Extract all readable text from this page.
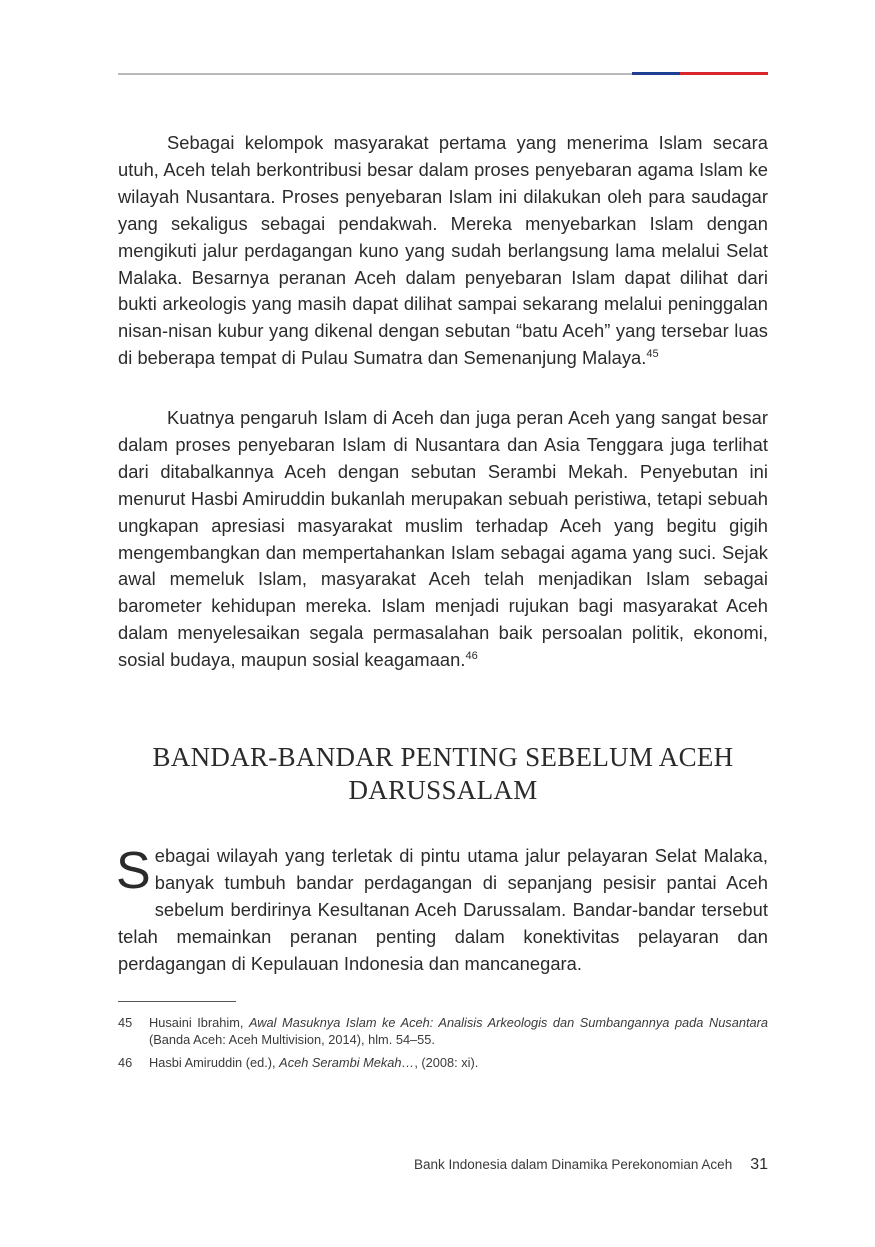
Sebagai kelompok masyarakat pertama yang menerima Islam secara utuh, Aceh telah berkontribusi besar dalam proses penyebaran agama Islam ke wilayah Nusantara. Proses penyebaran Islam ini dilakukan oleh para saudagar yang sekaligus sebagai pendakwah. Mereka menyebarkan Islam dengan mengikuti jalur perdagangan kuno yang sudah berlangsung lama melalui Selat Malaka. Besarnya peranan Aceh dalam penyebaran Islam dapat dilihat dari bukti arkeologis yang masih dapat dilihat sampai sekarang melalui peninggalan nisan-nisan kubur yang dikenal dengan sebutan “batu Aceh” yang tersebar luas di beberapa tempat di Pulau Sumatra dan Semenanjung Malaya.$^{45}$

Kuatnya pengaruh Islam di Aceh dan juga peran Aceh yang sangat besar dalam proses penyebaran Islam di Nusantara dan Asia Tenggara juga terlihat dari ditabalkannya Aceh dengan sebutan Serambi Mekah. Penyebutan ini menurut Hasbi Amiruddin bukanlah merupakan sebuah peristiwa, tetapi sebuah ungkapan apresiasi masyarakat muslim terhadap Aceh yang begitu gigih mengembangkan dan mempertahankan Islam sebagai agama yang suci. Sejak awal memeluk Islam, masyarakat Aceh telah menjadikan Islam sebagai barometer kehidupan mereka. Islam menjadi rujukan bagi masyarakat Aceh dalam menyelesaikan segala permasalahan baik persoalan politik, ekonomi, sosial budaya, maupun sosial keagamaan.$^{46}$

BANDAR-BANDAR PENTING SEBELUM ACEH
DARUSSALAM

Sebagai wilayah yang terletak di pintu utama jalur pelayaran Selat Malaka, banyak tumbuh bandar perdagangan di sepanjang pesisir pantai Aceh sebelum berdirinya Kesultanan Aceh Darussalam. Bandar-bandar tersebut telah memainkan peranan penting dalam konektivitas pelayaran dan perdagangan di Kepulauan Indonesia dan mancanegara.

45 Husaini Ibrahim, Awal Masuknya Islam ke Aceh: Analisis Arkeologis dan Sumbangannya pada Nusantara (Banda Aceh: Aceh Multivision, 2014), hlm. 54–55.
46 Hasbi Amiruddin (ed.), Aceh Serambi Mekah…, (2008: xi).
Bank Indonesia dalam Dinamika Perekonomian Aceh 31
